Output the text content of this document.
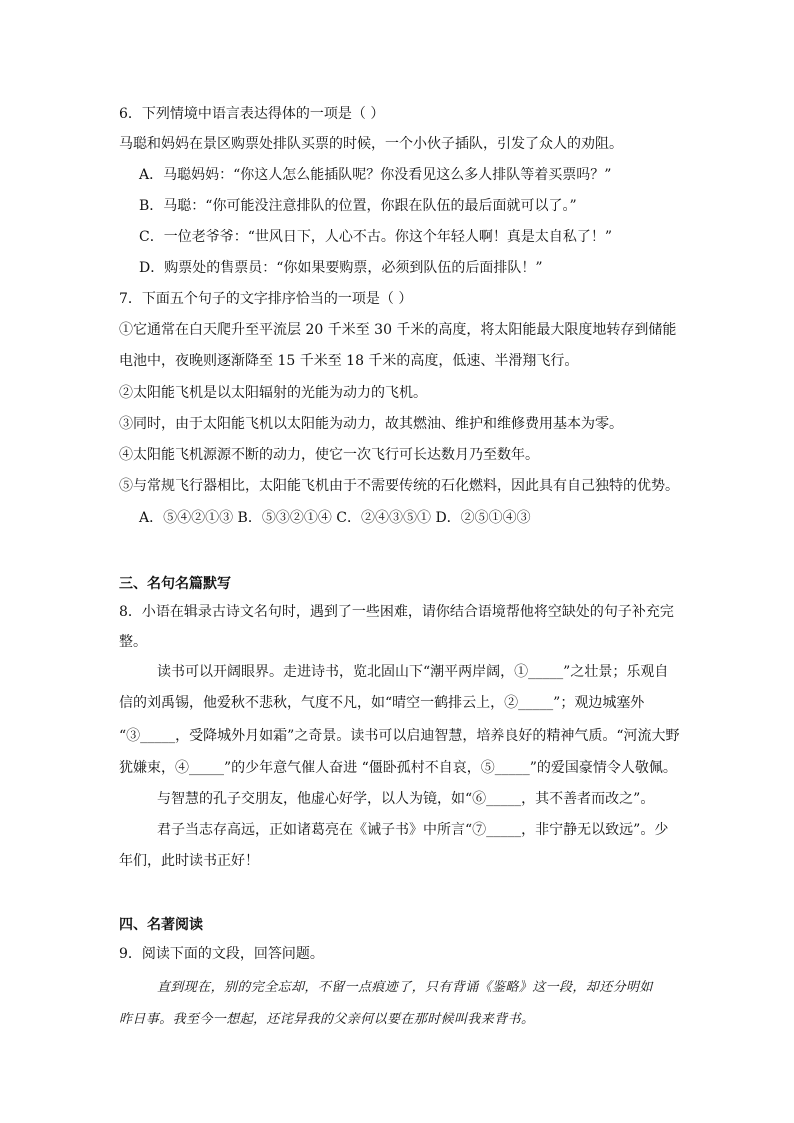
6．下列情境中语言表达得体的一项是（ ）
马聪和妈妈在景区购票处排队买票的时候，一个小伙子插队，引发了众人的劝阻。
A．马聪妈妈：“你这人怎么能插队呢？你没看见这么多人排队等着买票吗？”
B．马聪：“你可能没注意排队的位置，你跟在队伍的最后面就可以了。”
C．一位老爷爷：“世风日下，人心不古。你这个年轻人啊！真是太自私了！”
D．购票处的售票员：“你如果要购票，必须到队伍的后面排队！”
7．下面五个句子的文字排序恰当的一项是（ ）
①它通常在白天爬升至平流层 20 千米至 30 千米的高度，将太阳能最大限度地转存到储能
电池中，夜晚则逐渐降至 15 千米至 18 千米的高度，低速、半滑翔飞行。
②太阳能飞机是以太阳辐射的光能为动力的飞机。
③同时，由于太阳能飞机以太阳能为动力，故其燃油、维护和维修费用基本为零。
④太阳能飞机源源不断的动力，使它一次飞行可长达数月乃至数年。
⑤与常规飞行器相比，太阳能飞机由于不需要传统的石化燃料，因此具有自己独特的优势。
A．⑤④②①③ B．⑤③②①④ C．②④③⑤① D．②⑤①④③
三、名句名篇默写
8．小语在辑录古诗文名句时，遇到了一些困难，请你结合语境帮他将空缺处的句子补充完
整。
读书可以开阔眼界。走进诗书，览北固山下“潮平两岸阔，①_____”之壮景；乐观自
信的刘禹锡，他爱秋不悲秋，气度不凡，如“晴空一鹤排云上，②_____”；观边城塞外
“③_____，受降城外月如霜”之奇景。读书可以启迪智慧，培养良好的精神气质。“河流大野
犹嫌束，④_____”的少年意气催人奋进 “僵卧孤村不自哀，⑤_____”的爱国豪情令人敬佩。
与智慧的孔子交朋友，他虚心好学，以人为镜，如“⑥_____，其不善者而改之”。
君子当志存高远，正如诸葛亮在《诫子书》中所言“⑦_____，非宁静无以致远”。少
年们，此时读书正好！
四、名著阅读
9．阅读下面的文段，回答问题。
直到现在，别的完全忘却，不留一点痕迹了，只有背诵《鉴略》这一段，却还分明如
昨日事。我至今一想起，还诧异我的父亲何以要在那时候叫我来背书。
